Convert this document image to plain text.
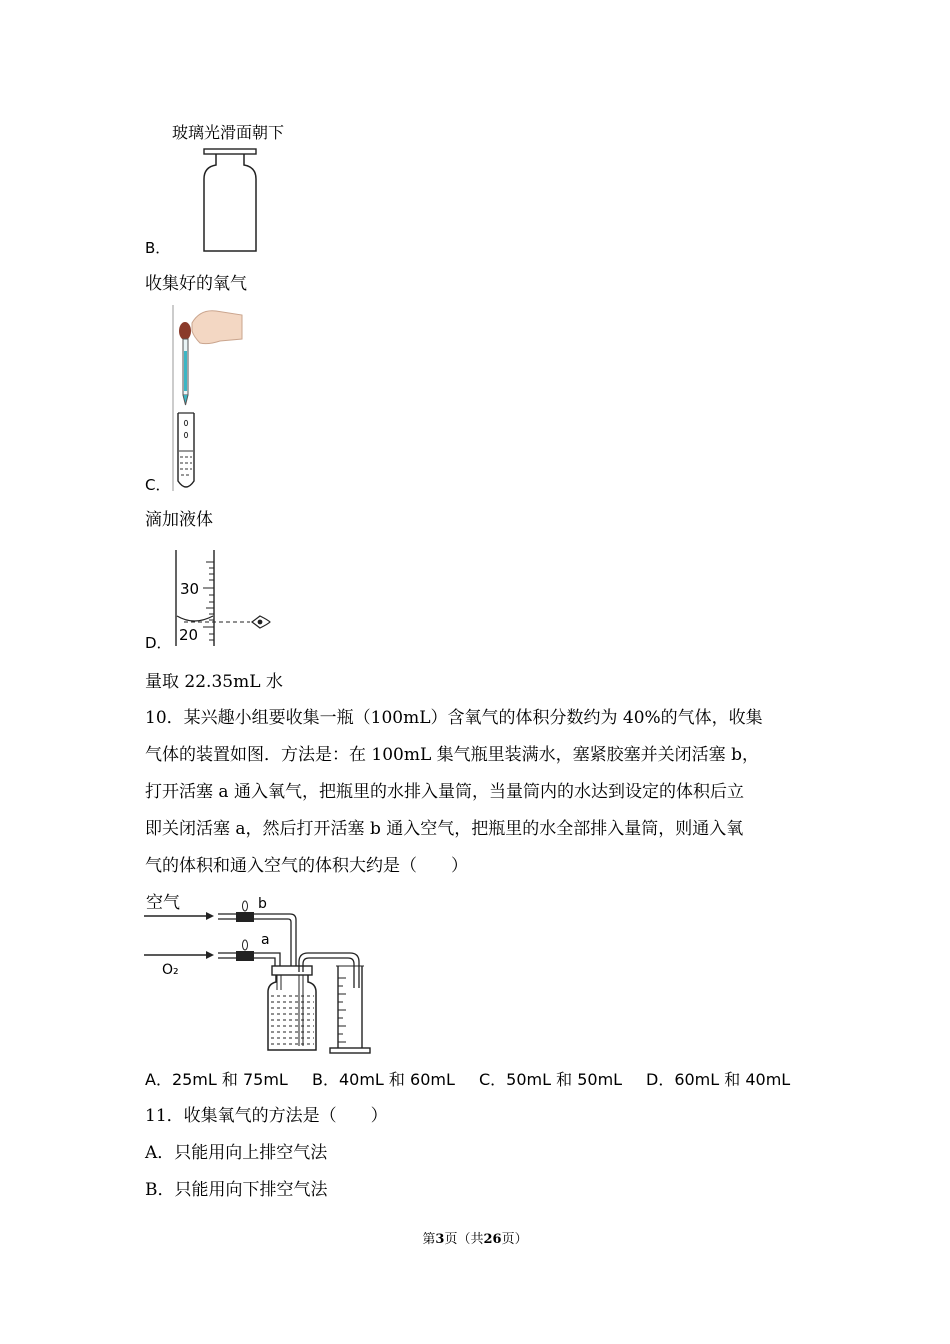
玻璃光滑面朝下
B．
收集好的氧气
C．
滴加液体
30
20
D．
量取 22.35mL 水
10．某兴趣小组要收集一瓶（100mL）含氧气的体积分数约为 40%的气体，收集
气体的装置如图．方法是：在 100mL 集气瓶里装满水，塞紧胶塞并关闭活塞 b，
打开活塞 a 通入氧气，把瓶里的水排入量筒，当量筒内的水达到设定的体积后立
即关闭活塞 a，然后打开活塞 b 通入空气，把瓶里的水全部排入量筒，则通入氧
气的体积和通入空气的体积大约是（　　）
空气
O₂
b
a
A．25mL 和 75mL B．40mL 和 60mL C．50mL 和 50mL D．60mL 和 40mL
11．收集氧气的方法是（　　）
A．只能用向上排空气法
B．只能用向下排空气法
第3页（共26页）
